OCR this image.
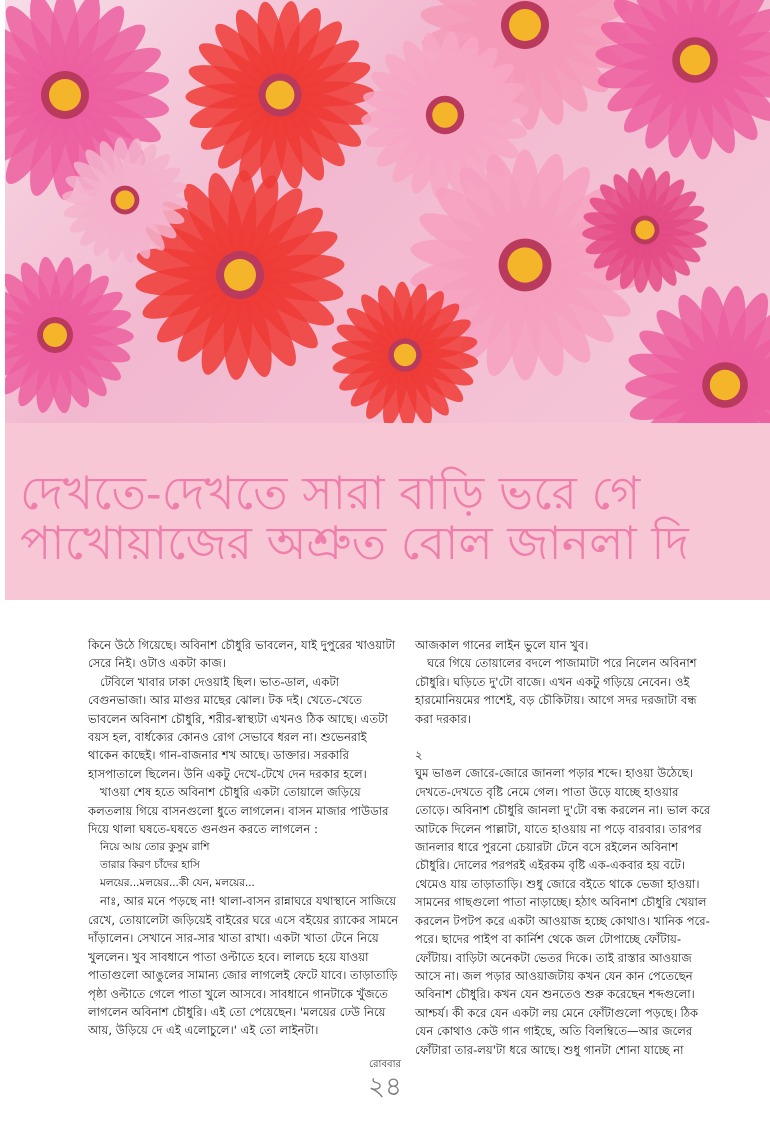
দেখতে-দেখতে সারা বাড়ি ভরে গে
পাখোয়াজের অশ্রুত বোল জানলা দি

কিনে উঠে গিয়েছে। অবিনাশ চৌধুরি ভাবলেন, যাই দুপুরের খাওয়াটা সেরে নিই। ওটাও একটা কাজ।

টেবিলে খাবার ঢাকা দেওয়াই ছিল। ভাত-ডাল, একটা বেগুনভাজা। আর মাগুর মাছের ঝোল। টক দই। খেতে-খেতে ভাবলেন অবিনাশ চৌধুরি, শরীর-স্বাস্থ্যটা এখনও ঠিক আছে। এতটা বয়স হল, বার্ধক্যের কোনও রোগ সেভাবে ধরল না। শুভেনরাই থাকেন কাছেই। গান-বাজনার শখ আছে। ডাক্তার। সরকারি হাসপাতালে ছিলেন। উনি একটু দেখে-টেখে দেন দরকার হলে।

খাওয়া শেষ হতে অবিনাশ চৌধুরি একটা তোয়ালে জড়িয়ে কলতলায় গিয়ে বাসনগুলো ধুতে লাগলেন। বাসন মাজার পাউডার দিয়ে থালা ঘষতে-ঘষতে গুনগুন করতে লাগলেন :

নিয়ে আয় তোর কুসুম রাশি
তারার কিরণ চাঁদের হাসি
মলয়ের...মলয়ের...কী যেন, মলয়ের...

নাঃ, আর মনে পড়ছে না! থালা-বাসন রান্নাঘরে যথাস্থানে সাজিয়ে রেখে, তোয়ালেটা জড়িয়েই বাইরের ঘরে এসে বইয়ের র‍্যাকের সামনে দাঁড়ালেন। সেখানে সার-সার খাতা রাখা। একটা খাতা টেনে নিয়ে খুললেন। খুব সাবধানে পাতা ওল্টাতে হবে। লালচে হয়ে যাওয়া পাতাগুলো আঙুলের সামান্য জোর লাগলেই ফেটে যাবে। তাড়াতাড়ি পৃষ্ঠা ওল্টাতে গেলে পাতা খুলে আসবে। সাবধানে গানটাকে খুঁজতে লাগলেন অবিনাশ চৌধুরি। এই তো পেয়েছেন। 'মলয়ের ঢেউ নিয়ে আয়, উড়িয়ে দে এই এলোচুলে।' এই তো লাইনটা।

আজকাল গানের লাইন ভুলে যান খুব।

ঘরে গিয়ে তোয়ালের বদলে পাজামাটা পরে নিলেন অবিনাশ চৌধুরি। ঘড়িতে দু'টো বাজে। এখন একটু গড়িয়ে নেবেন। ওই হারমোনিয়মের পাশেই, বড় চৌকিটায়। আগে সদর দরজাটা বন্ধ করা দরকার।

২

ঘুম ভাঙল জোরে-জোরে জানলা পড়ার শব্দে। হাওয়া উঠেছে। দেখতে-দেখতে বৃষ্টি নেমে গেল। পাতা উড়ে যাচ্ছে হাওয়ার তোড়ে। অবিনাশ চৌধুরি জানলা দু'টো বন্ধ করলেন না। ভাল করে আটকে দিলেন পাল্লাটা, যাতে হাওয়ায় না পড়ে বারবার। তারপর জানলার ধারে পুরনো চেয়ারটা টেনে বসে রইলেন অবিনাশ চৌধুরি। দোলের পরপরই এইরকম বৃষ্টি এক-একবার হয় বটে। থেমেও যায় তাড়াতাড়ি। শুধু জোরে বইতে থাকে ভেজা হাওয়া। সামনের গাছগুলো পাতা নাড়াচ্ছে। হঠাৎ অবিনাশ চৌধুরি খেয়াল করলেন টপটপ করে একটা আওয়াজ হচ্ছে কোথাও। খানিক পরে-পরে। ছাদের পাইপ বা কার্নিশ থেকে জল টোপাচ্ছে ফোঁটায়-ফোঁটায়। বাড়িটা অনেকটা ভেতর দিকে। তাই রাস্তার আওয়াজ আসে না। জল পড়ার আওয়াজটায় কখন যেন কান পেতেছেন অবিনাশ চৌধুরি। কখন যেন শুনতেও শুরু করেছেন শব্দগুলো। আশ্চর্য। কী করে যেন একটা লয় মেনে ফোঁটাগুলো পড়ছে। ঠিক যেন কোথাও কেউ গান গাইছে, অতি বিলম্বিতে—আর জলের ফোঁটারা তার-লয়'টা ধরে আছে। শুধু গানটা শোনা যাচ্ছে না

রোববার
২৪
